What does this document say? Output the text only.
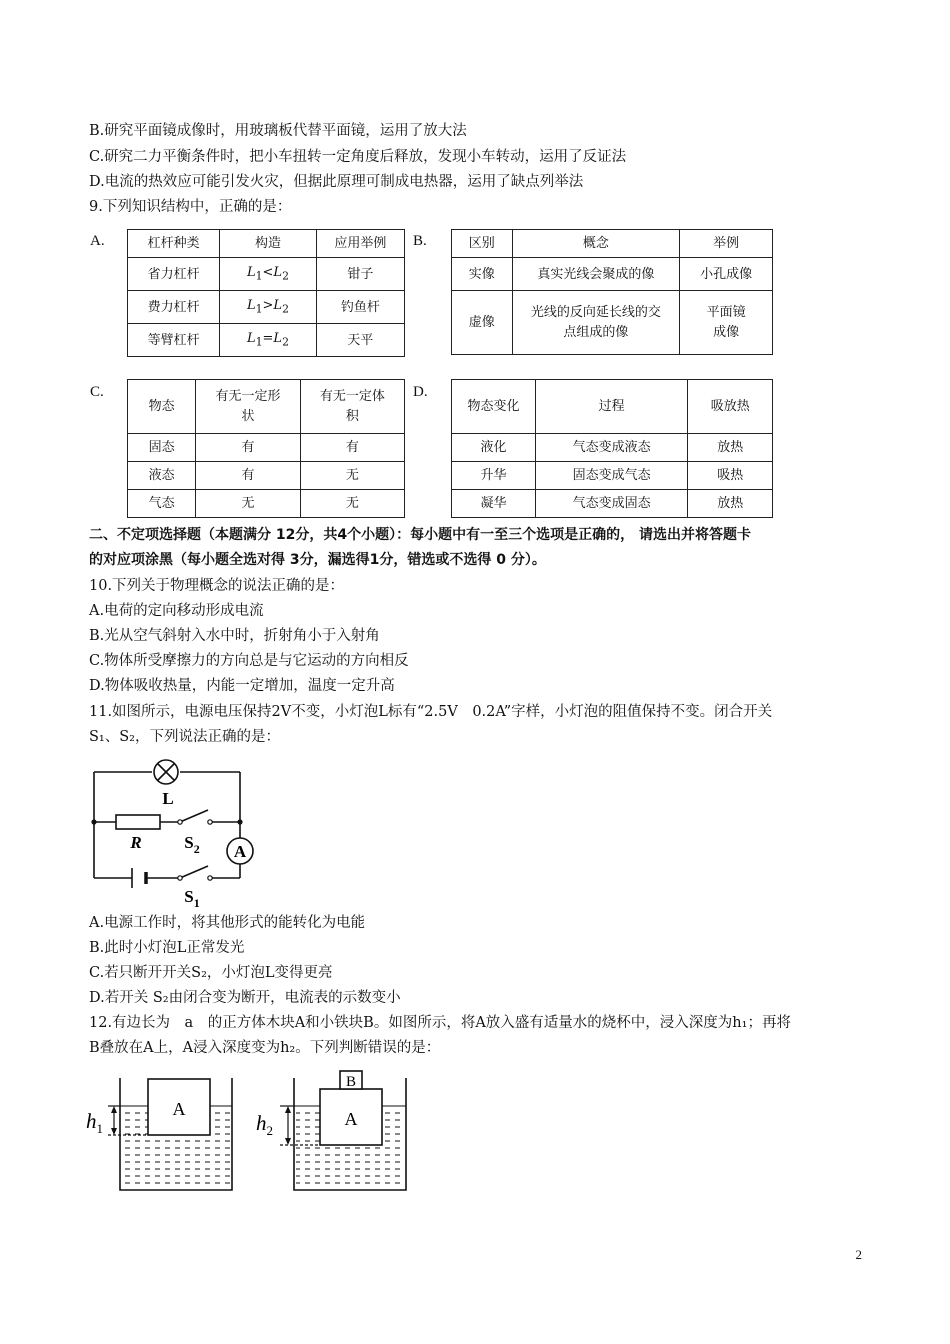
B.研究平面镜成像时，用玻璃板代替平面镜，运用了放大法
C.研究二力平衡条件时，把小车扭转一定角度后释放，发现小车转动，运用了反证法
D.电流的热效应可能引发火灾，但据此原理可制成电热器，运用了缺点列举法
9.下列知识结构中，正确的是：
A.	B.
C.	D.
杠杆种类	构造	应用举例
省力杠杆	$L_1<L_2$	钳子
费力杠杆	$L_1>L_2$	钓鱼杆
等臂杠杆	$L_1=L_2$	天平
区别	概念	举例
实像	真实光线会聚成的像	小孔成像
虚像	光线的反向延长线的交点组成的像	平面镜成像
物态	有无一定形状	有无一定体积
固态	有	有
液态	有	无
气态	无	无
物态变化	过程	吸放热
液化	气态变成液态	放热
升华	固态变成气态	吸热
凝华	气态变成固态	放热
二、不定项选择题（本题满分 12分，共4个小题）：每小题中有一至三个选项是正确的， 请选出并将答题卡
的对应项涂黑（每小题全选对得 3分，漏选得1分，错选或不选得 0 分）。
10.下列关于物理概念的说法正确的是：
A.电荷的定向移动形成电流
B.光从空气斜射入水中时，折射角小于入射角
C.物体所受摩擦力的方向总是与它运动的方向相反
D.物体吸收热量，内能一定增加，温度一定升高
11.如图所示，电源电压保持2V不变，小灯泡L标有“2.5V　0.2A”字样，小灯泡的阻值保持不变。闭合开关
S₁、S₂，下列说法正确的是：
A
L
R	$S_2$
$S_1$
A.电源工作时，将其他形式的能转化为电能
B.此时小灯泡L正常发光
C.若只断开开关S₂，小灯泡L变得更亮
D.若开关 S₂由闭合变为断开，电流表的示数变小
12.有边长为　a　的正方体木块A和小铁块B。如图所示，将A放入盛有适量水的烧杯中，浸入深度为h₁；再将
B叠放在A上，A浸入深度变为h₂。下列判断错误的是：
A
$h_1$	A
B
$h_2$
2
